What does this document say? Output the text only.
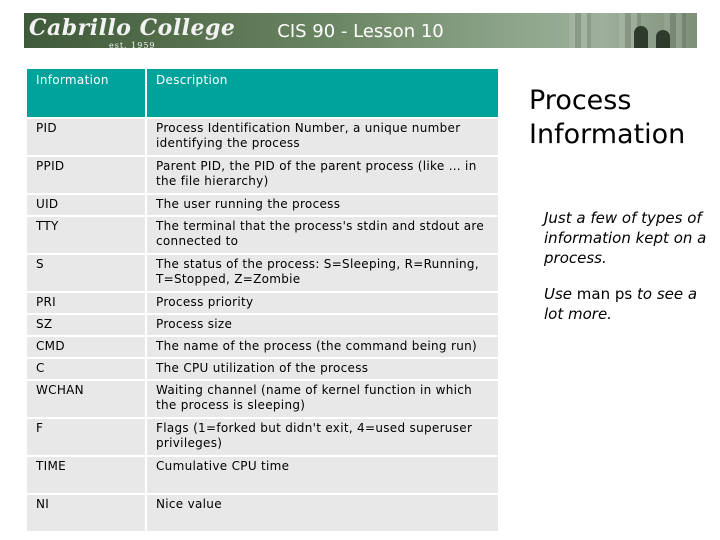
Cabrillo College
est. 1959
CIS 90 - Lesson 10
Information	Description
PID	Process Identification Number, a unique number identifying the process
PPID	Parent PID, the PID of the parent process (like … in the file hierarchy)
UID	The user running the process
TTY	The terminal that the process's stdin and stdout are connected to
S	The status of the process: S=Sleeping, R=Running, T=Stopped, Z=Zombie
PRI	Process priority
SZ	Process size
CMD	The name of the process (the command being run)
C	The CPU utilization of the process
WCHAN	Waiting channel (name of kernel function in which the process is sleeping)
F	Flags (1=forked but didn't exit, 4=used superuser privileges)
TIME	Cumulative CPU time
NI	Nice value
Process
Information

Just a few of types of information kept on a process.

Use man ps to see a lot more.
